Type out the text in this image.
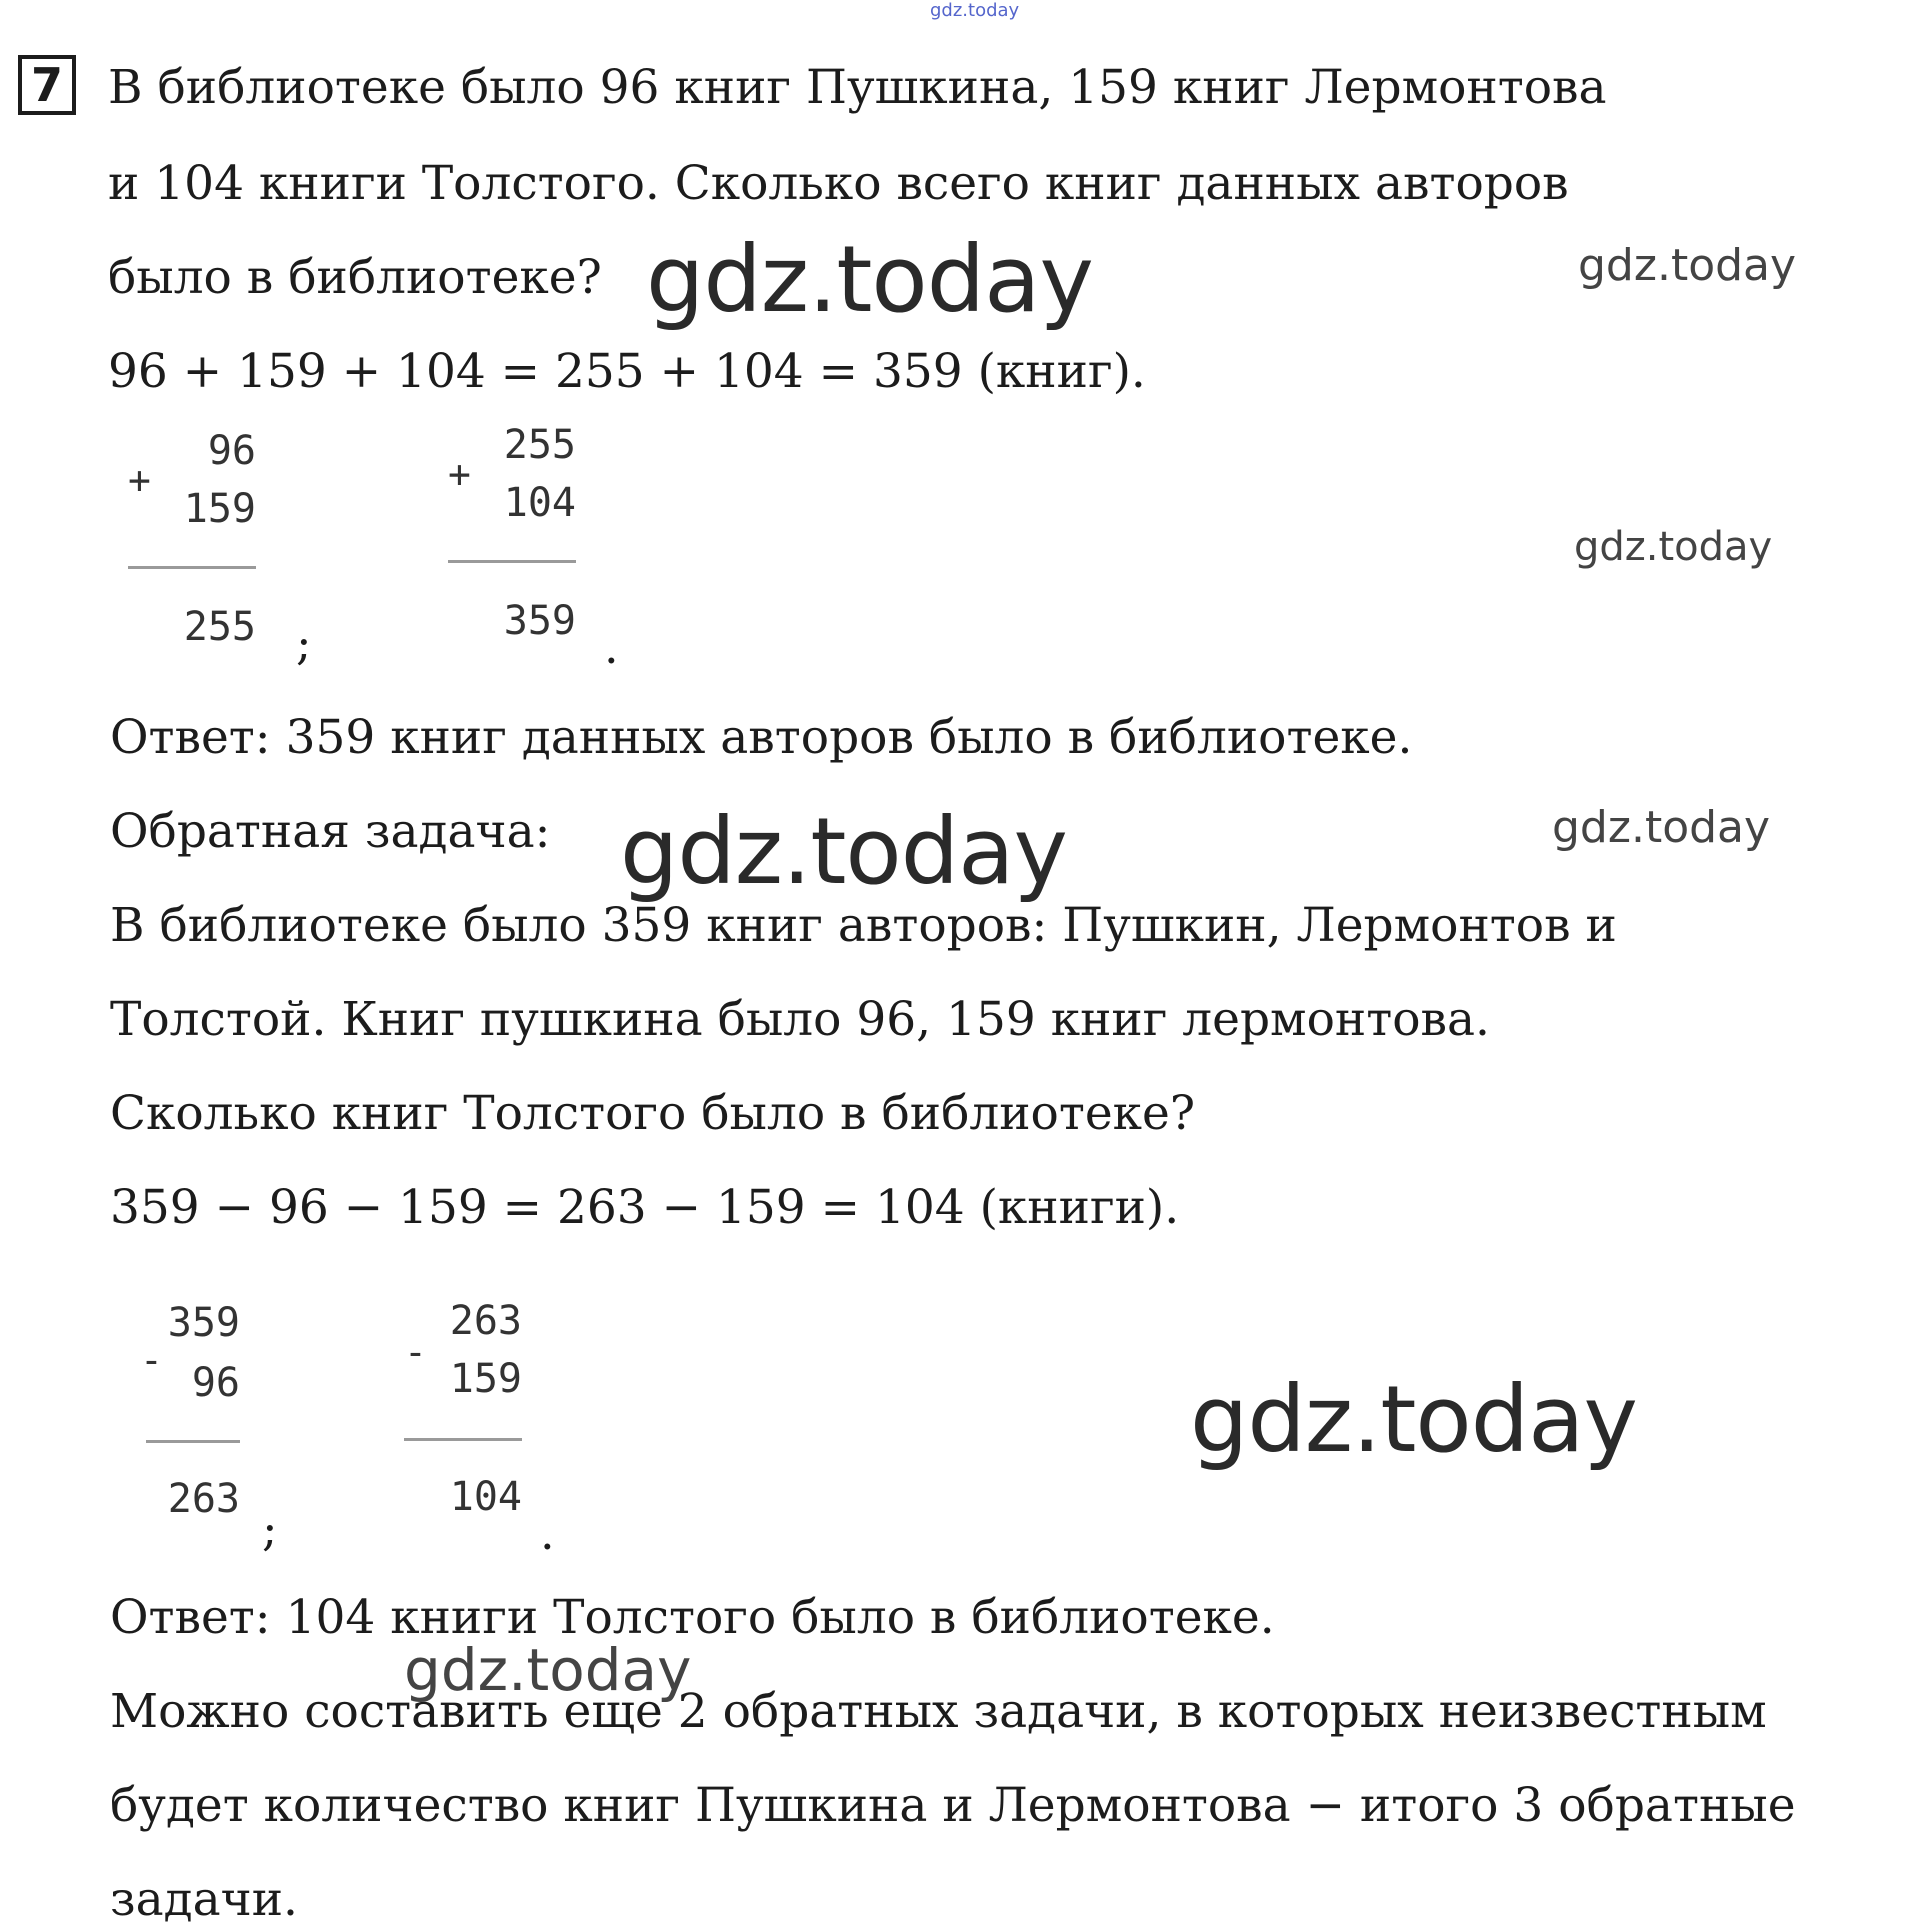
gdz.today
7 В библиотеке было 96 книг Пушкина, 159 книг Лермонтова
и 104 книги Толстого. Сколько всего книг данных авторов
было в библиотеке?
96 + 159 + 104 = 255 + 104 = 359 (книг).
+
96
159
255 ;
+
255
104
359 .
Ответ: 359 книг данных авторов было в библиотеке.
Обратная задача:
В библиотеке было 359 книг авторов: Пушкин, Лермонтов и
Толстой. Книг пушкина было 96, 159 книг лермонтова.
Сколько книг Толстого было в библиотеке?
359 − 96 − 159 = 263 − 159 = 104 (книги).
-
359
96
263
;
-
263
159
104
.
Ответ: 104 книги Толстого было в библиотеке.
Можно составить еще 2 обратных задачи, в которых неизвестным
будет количество книг Пушкина и Лермонтова − итого 3 обратные
задачи.
gdz.today
gdz.today
gdz.today
gdz.today
gdz.today
gdz.today
gdz.today
